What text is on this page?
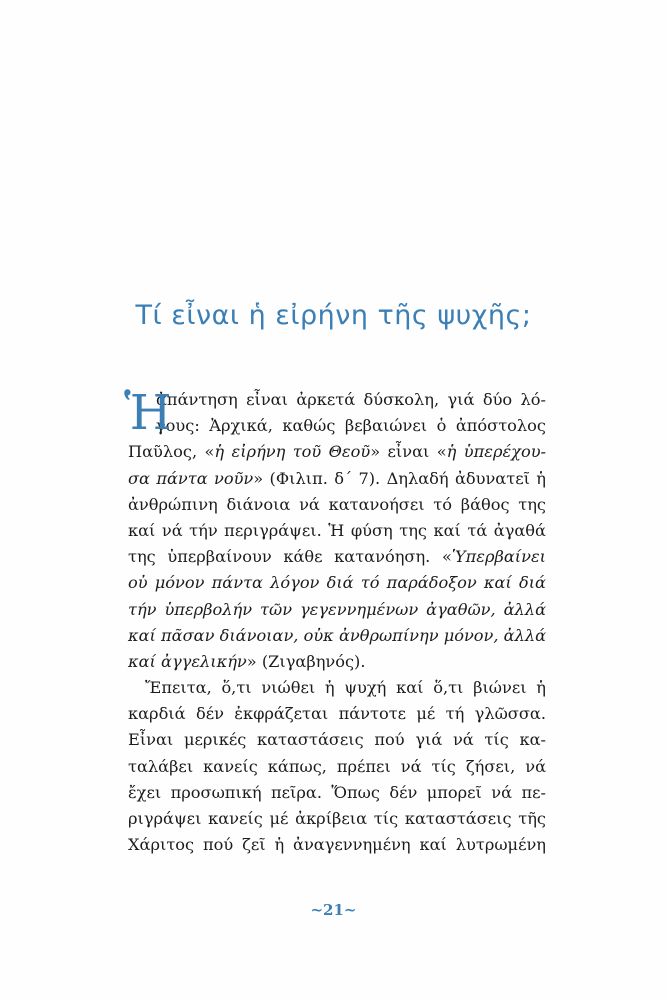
Τί εἶναι ἡ εἰρήνη τῆς ψυχῆς;
Ἡ
ἀπάντηση εἶναι ἀρκετά δύσκολη, γιά δύο λό-
γους: Ἀρχικά, καθώς βεβαιώνει ὁ ἀπόστολος
Παῦλος, «ἡ εἰρήνη τοῦ Θεοῦ» εἶναι «ἡ ὑπερέχου-
σα πάντα νοῦν» (Φιλιπ. δ΄ 7). Δηλαδή ἀδυνατεῖ ἡ
ἀνθρώπινη διάνοια νά κατανοήσει τό βάθος της
καί νά τήν περιγράψει. Ἡ φύση της καί τά ἀγαθά
της ὑπερβαίνουν κάθε κατανόηση. «Ὑπερβαίνει
οὐ μόνον πάντα λόγον διά τό παράδοξον καί διά
τήν ὑπερβολήν τῶν γεγεννημένων ἀγαθῶν, ἀλλά
καί πᾶσαν διάνοιαν, οὐκ ἀνθρωπίνην μόνον, ἀλλά
καί ἀγγελικήν» (Ζιγαβηνός).
Ἔπειτα, ὅ,τι νιώθει ἡ ψυχή καί ὅ,τι βιώνει ἡ
καρδιά δέν ἐκφράζεται πάντοτε μέ τή γλῶσσα.
Εἶναι μερικές καταστάσεις πού γιά νά τίς κα-
ταλάβει κανείς κάπως, πρέπει νά τίς ζήσει, νά
ἔχει προσωπική πεῖρα. Ὅπως δέν μπορεῖ νά πε-
ριγράψει κανείς μέ ἀκρίβεια τίς καταστάσεις τῆς
Χάριτος πού ζεῖ ἡ ἀναγεννημένη καί λυτρωμένη
~21~
